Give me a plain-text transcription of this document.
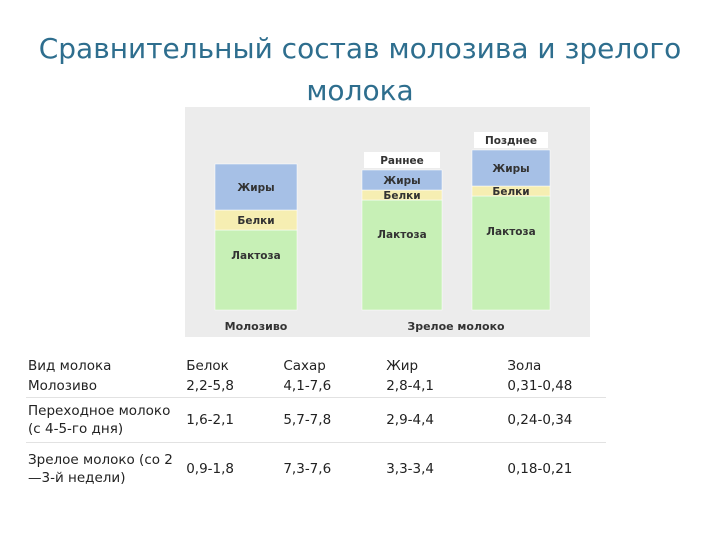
Сравнительный состав молозива и зрелого молока
Лактоза
Белки
Жиры
Лактоза
Белки
Жиры
Раннее
Лактоза
Белки
Жиры
Позднее
Молозиво	Зрелое молоко
Вид молока	Белок	Сахар	Жир	Зола
Молозиво	2,2-5,8	4,1-7,6	2,8-4,1	0,31-0,48
Переходное молоко (с 4-5-го дня)	1,6-2,1	5,7-7,8	2,9-4,4	0,24-0,34
Зрелое молоко (со 2 —3-й недели)	0,9-1,8	7,3-7,6	3,3-3,4	0,18-0,21
